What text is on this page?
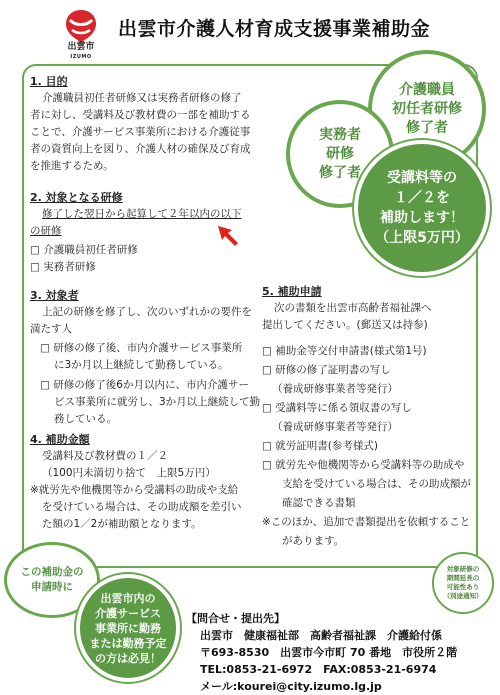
出雲市
IZUMO
出雲市介護人材育成支援事業補助金
1. 目的

介護職員初任者研修又は実務者研修の修了

者に対し、受講料及び教材費の一部を補助する

ことで、介護サービス事業所における介護従事

者の資質向上を図り、介護人材の確保及び育成

を推進するため。

2. 対象となる研修

修了した翌日から起算して２年以内の以下

の研修

□ 介護職員初任者研修

□ 実務者研修

3. 対象者

上記の研修を修了し、次のいずれかの要件を

満たす人

□ 研修の修了後、市内介護サービス事業所

に3か月以上継続して勤務している。

□ 研修の修了後6か月以内に、市内介護サー

ビス事業所に就労し、3か月以上継続して勤

務している。

4. 補助金額

受講料及び教材費の１／２

（100円未満切り捨て　上限5万円）

※就労先や他機関等から受講料の助成や支給

を受けている場合は、その助成額を差引い

た額の1／2が補助額となります。

5. 補助申請

次の書類を出雲市高齢者福祉課へ

提出してください。(郵送又は持参)

□ 補助金等交付申請書(様式第1号)

□ 研修の修了証明書の写し

（養成研修事業者等発行）

□ 受講料等に係る領収書の写し

（養成研修事業者等発行）

□ 就労証明書(参考様式)

□ 就労先や他機関等から受講料等の助成や

支給を受けている場合は、その助成額が

確認できる書類

※このほか、追加で書類提出を依頼すること

があります。

介護職員
初任者研修
修了者
実務者
研修
修了者	受講料等の
１／２を
補助します！
（上限5万円）
この補助金の
申請時に
出雲市内の
介護サービス
事業所に勤務
または勤務予定
の方は必見！
対象研修の
期間延長の
可能性あり
（別途通知）
【問合せ・提出先】
出雲市　健康福祉部　高齢者福祉課　介護給付係
〒693-8530　出雲市今市町 70 番地　市役所２階
TEL:0853-21-6972　FAX:0853-21-6974
メール:kourei@city.izumo.lg.jp
